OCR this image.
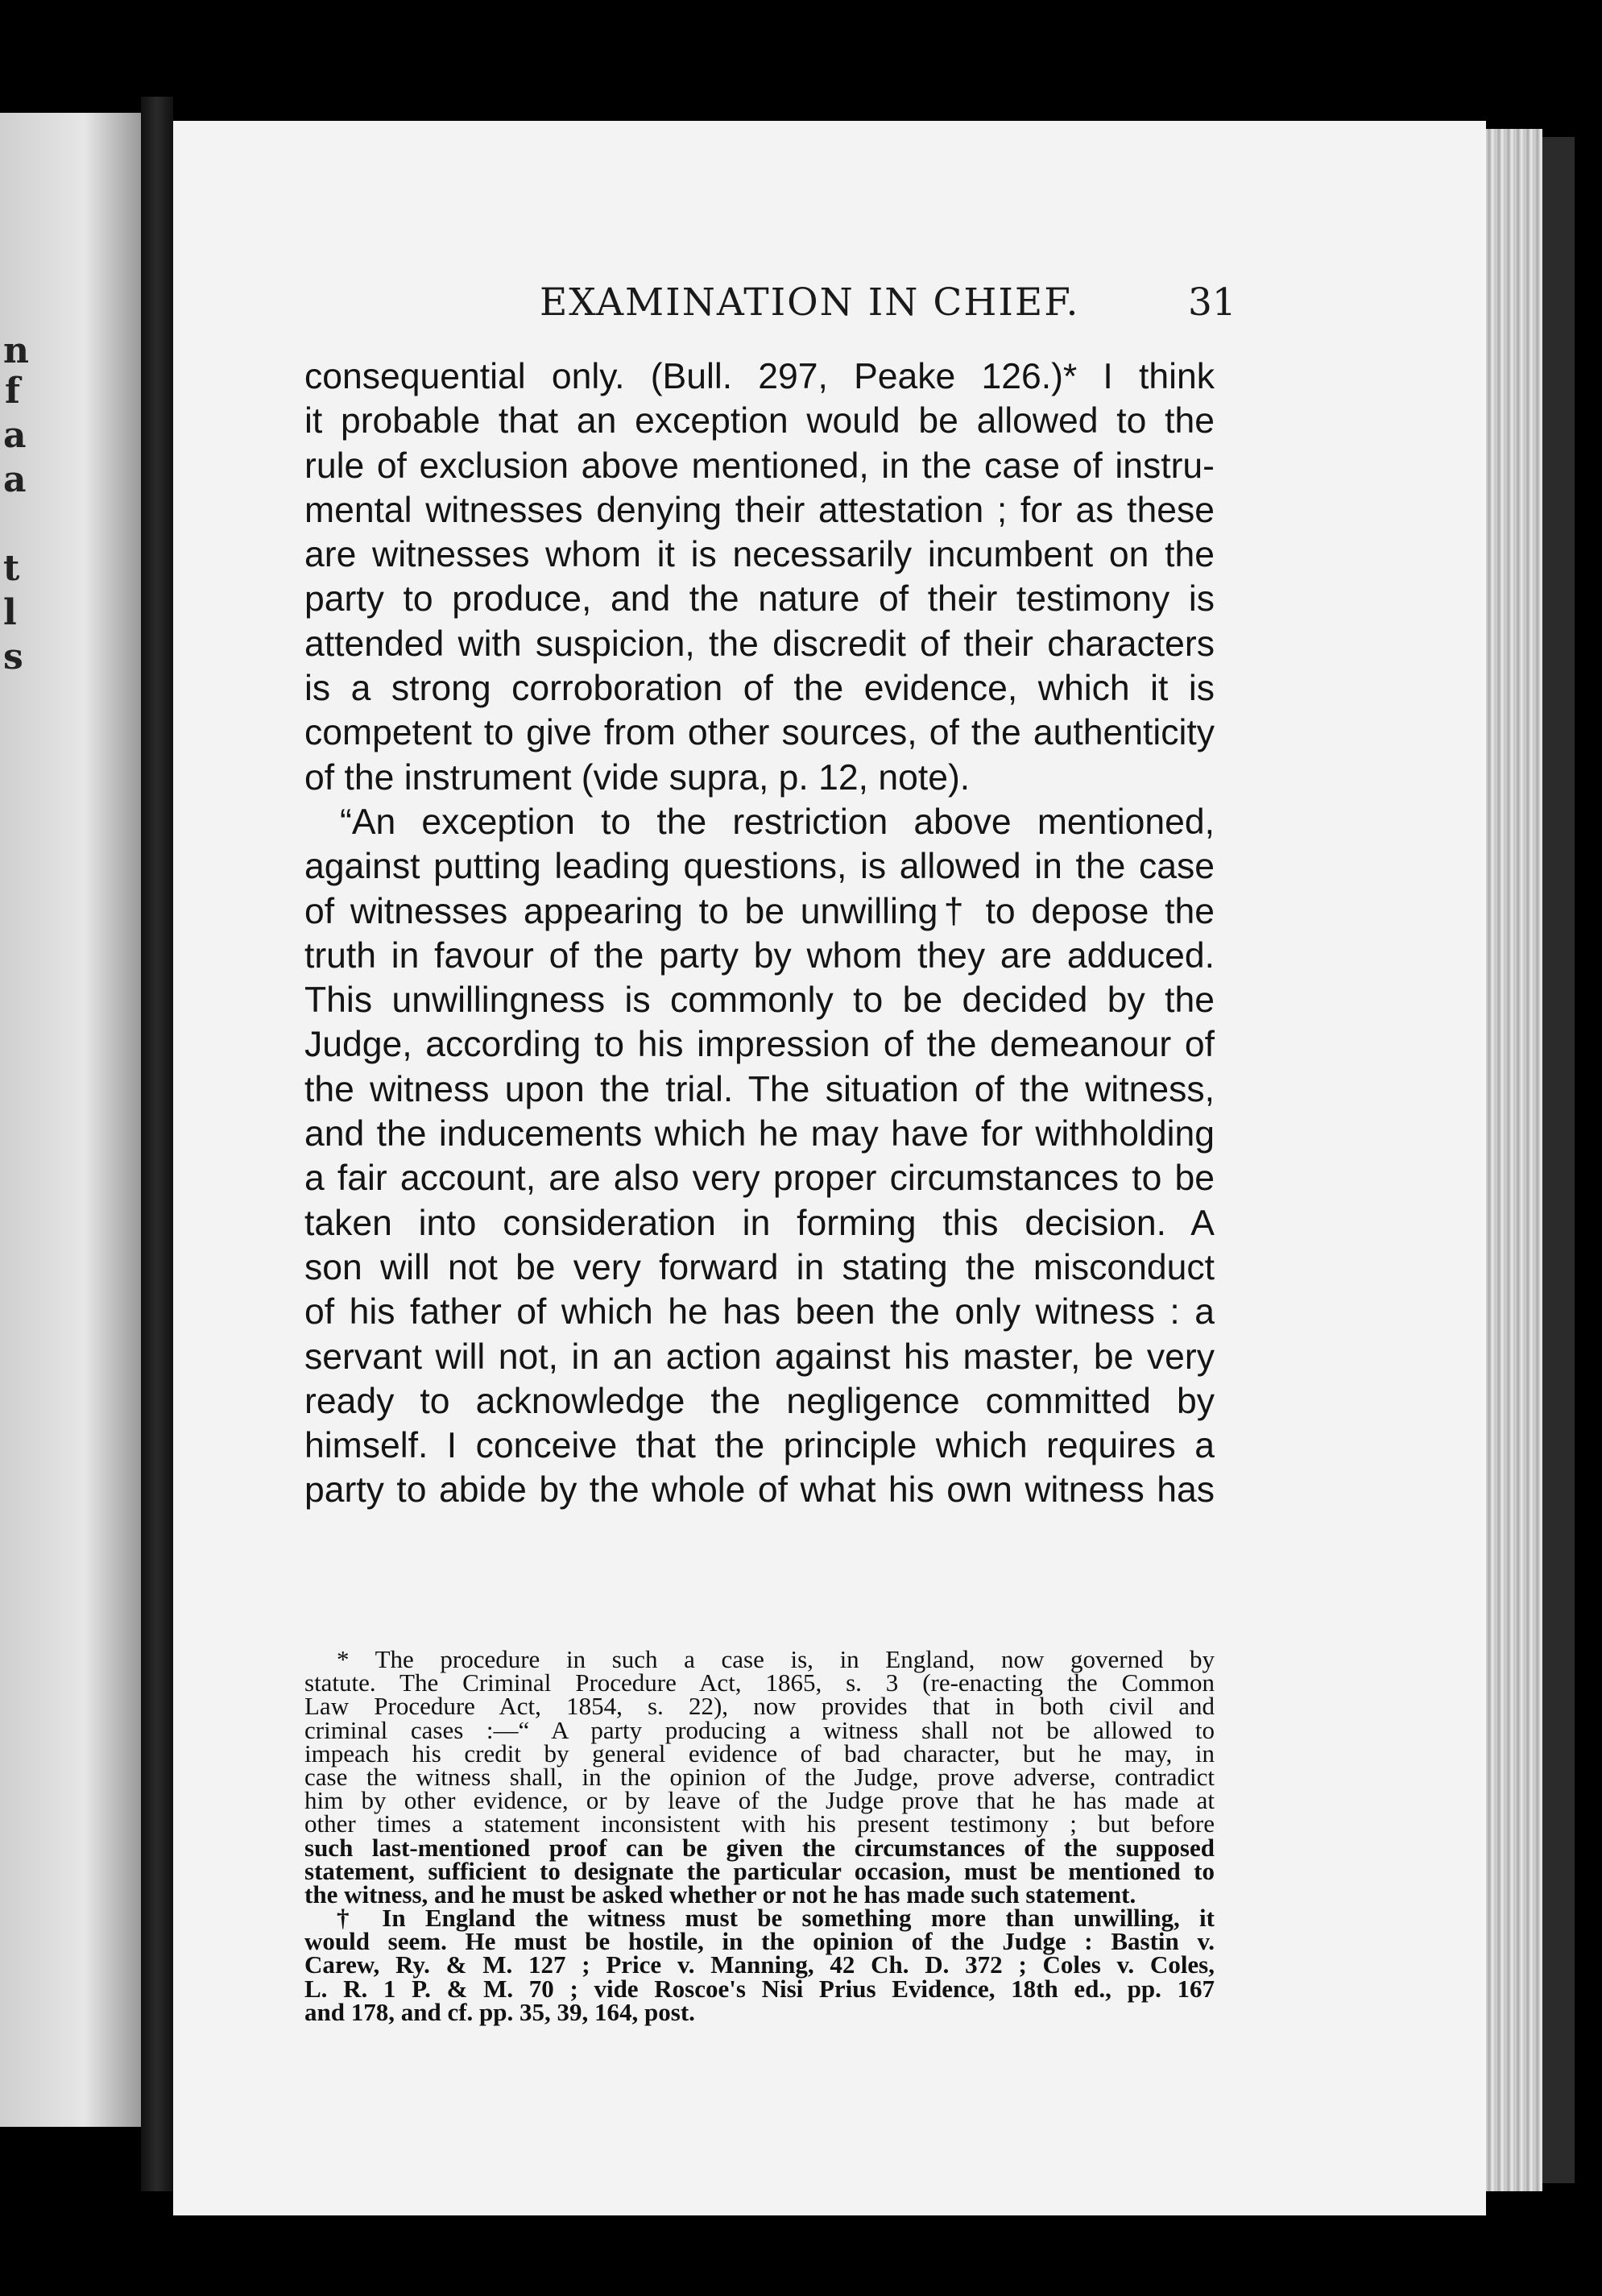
n
f
a
a
t
l
s
EXAMINATION IN CHIEF.	31
consequential only. (Bull. 297, Peake 126.)* I think
it probable that an exception would be allowed to the
rule of exclusion above mentioned, in the case of instru-
mental witnesses denying their attestation ; for as these
are witnesses whom it is necessarily incumbent on the
party to produce, and the nature of their testimony is
attended with suspicion, the discredit of their characters
is a strong corroboration of the evidence, which it is
competent to give from other sources, of the authenticity
of the instrument (vide supra, p. 12, note).
“An exception to the restriction above mentioned,
against putting leading questions, is allowed in the case
of witnesses appearing to be unwilling† to depose the
truth in favour of the party by whom they are adduced.
This unwillingness is commonly to be decided by the
Judge, according to his impression of the demeanour of
the witness upon the trial. The situation of the witness,
and the inducements which he may have for withholding
a fair account, are also very proper circumstances to be
taken into consideration in forming this decision. A
son will not be very forward in stating the misconduct
of his father of which he has been the only witness : a
servant will not, in an action against his master, be very
ready to acknowledge the negligence committed by
himself. I conceive that the principle which requires a
party to abide by the whole of what his own witness has
* The procedure in such a case is, in England, now governed by
statute. The Criminal Procedure Act, 1865, s. 3 (re-enacting the Common
Law Procedure Act, 1854, s. 22), now provides that in both civil and
criminal cases :—“ A party producing a witness shall not be allowed to
impeach his credit by general evidence of bad character, but he may, in
case the witness shall, in the opinion of the Judge, prove adverse, contradict
him by other evidence, or by leave of the Judge prove that he has made at
other times a statement inconsistent with his present testimony ; but before
such last-mentioned proof can be given the circumstances of the supposed
statement, sufficient to designate the particular occasion, must be mentioned to
the witness, and he must be asked whether or not he has made such statement.
† In England the witness must be something more than unwilling, it
would seem. He must be hostile, in the opinion of the Judge : Bastin v.
Carew, Ry. & M. 127 ; Price v. Manning, 42 Ch. D. 372 ; Coles v. Coles,
L. R. 1 P. & M. 70 ; vide Roscoe's Nisi Prius Evidence, 18th ed., pp. 167
and 178, and cf. pp. 35, 39, 164, post.
